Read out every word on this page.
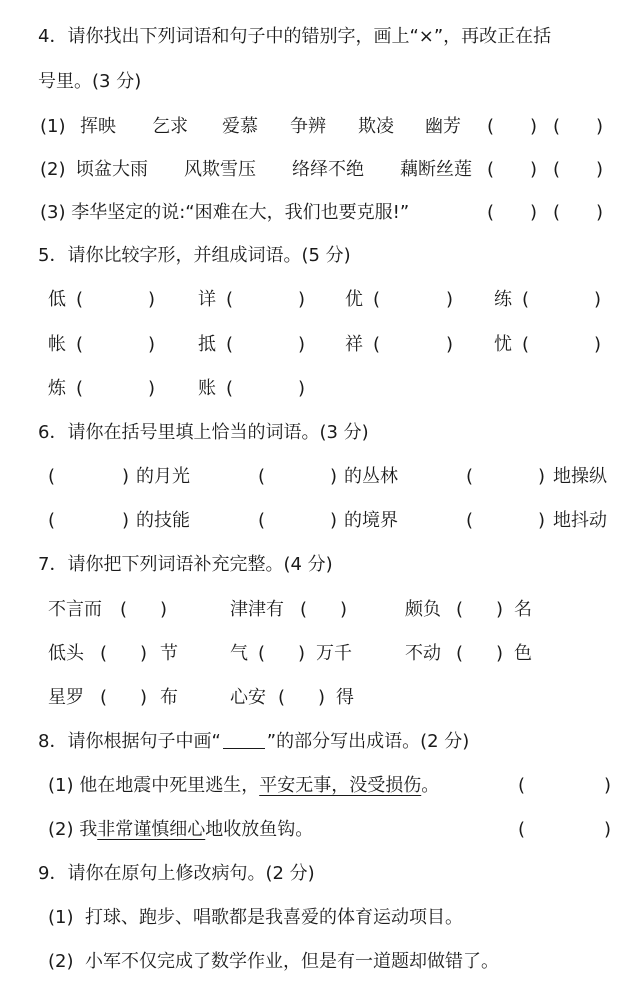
4．请你找出下列词语和句子中的错别字，画上“×”，再改正在括
号里。(3 分)
(1) 挥映 乞求 爱慕 争辨 欺凌 幽芳 (　　) (　　)
(2) 顷盆大雨 风欺雪压 络绎不绝 藕断丝莲 (　　) (　　)
(3) 李华坚定的说:“困难在大，我们也要克服!”	(　　) (　　)
5．请你比较字形，并组成词语。(5 分)
低 (	) 详 (	) 优 (	) 练 (	)
帐 (	) 抵 (	) 祥 (	) 忧 (	)
炼 (	) 账 (	)
6．请你在括号里填上恰当的词语。(3 分)
(	) 的月光	(	) 的丛林	(	) 地操纵
(	) 的技能	(	) 的境界	(	) 地抖动
7．请你把下列词语补充完整。(4 分)
不言而 ( )	津津有 ( )	颇负 ( ) 名
低头 ( ) 节	气 ( ) 万千	不动 ( ) 色
星罗 ( ) 布	心安 ( ) 得
8．请你根据句子中画“	”的部分写出成语。(2 分)
(1) 他在地震中死里逃生，平安无事，没受损伤。	(	)
(2) 我非常谨慎细心地收放鱼钩。	(	)
9．请你在原句上修改病句。(2 分)
(1)  打球、跑步、唱歌都是我喜爱的体育运动项目。
(2)  小军不仅完成了数学作业，但是有一道题却做错了。
